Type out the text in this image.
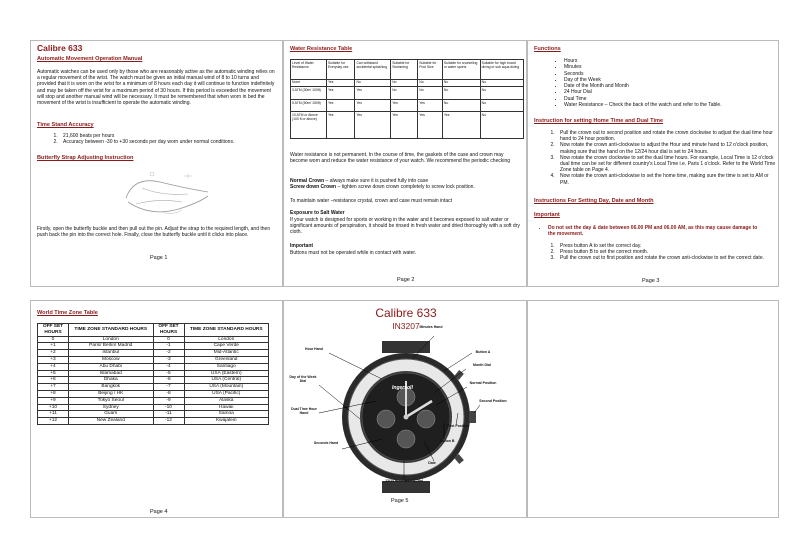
Calibre 633

Automatic Movement Operation Manual

Automatic watches can be used only by those who are reasonably active as the automatic winding relies on a regular movement of the wrist. The watch must be given an initial manual wind of 8 to 10 turns and provided that it is worn on the wrist for a minimum of 8 hours each day it will continue to function indefinitely and may be taken off the wrist for a maximum period of 30 hours. If this period is exceeded the movement will stop and another manual wind will be necessary. It must be remembered that when worn in bed the movement of the wrist is insufficient to operate the automatic winding.

Time Stand Accuracy

1. 21,600 beats per hours
2. Accuracy between -30 to +30 seconds per day worn under normal conditions.

Butterfly Strap Adjusting Instruction

Firstly, open the butterfly buckle and then pull out the pin. Adjust the strap to the required length, and then push back the pin into the correct hole. Finally, close the butterfly buckle until it clicks into place.

Page 1

Water Resistance Table

Level of Water Resistance	Suitable for Everyday use	Can withstand accidental splashing	Suitable for Swimming	Suitable for Pool Size	Suitable for snorkeling or water sports	Suitable for high board diving or sub aqua diving
None	Yes	No	No	No	No	No
3 ATM (30m/ 100ft)	Yes	Yes	No	No	No	No
5 ATM (50m/ 150ft)	Yes	Yes	Yes	Yes	No	No
10 ATM or Above (100 ft or above)	Yes	Yes	Yes	Yes	Yes	No

Water resistance is not permanent. In the course of time, the gaskets of the case and crown may become worn and reduce the water resistance of your watch. We recommend the periodic checking

Normal Crown – always make sure it is pushed fully into case
Screw down Crown – tighten screw down crown completely to screw lock position.

To maintain water –resistance crystal, crown and case must remain intact

Exposure to Salt Water

If your watch is designed for sports or working in the water and it becomes exposed to salt water or significant amounts of perspiration, it should be rinsed in fresh water and dried thoroughly with a soft dry cloth.

Important

Buttons must not be operated while in contact with water.

Page 2

Functions

• Hours
• Minutes
• Seconds
• Day of the Week
• Date of the Month and Month
• 24 Hour Dial
• Dual Time
• Water Resistance – Check the back of the watch and refer to the Table.

Instruction for setting Home Time and Dual Time

1. Pull the crown out to second position and rotate the crown clockwise to adjust the dual time hour hand to 24 hour position.
2. Now rotate the crown anti-clockwise to adjust the Hour and minute hand to 12 o'clock position, making sure that the hand on the 12/24 hour dial is set to 24 hours.
3. Now rotate the crown clockwise to set the dual time hours. For example, Local Time is 12 o'clock dual time can be set for different country's Local Time i.e. Paris 1 o'clock. Refer to the World Time Zone table on Page 4.
4. Now rotate the crown anti-clockwise to set the home time, making sure the time is set to AM or PM.

Instructions For Setting Day, Date and Month

Important

• Do not set the day & date between 06.00 PM and 06.00 AM, as this may cause damage to the movement.
1. Press button A to set the correct day.
2. Press button B to set the correct month.
3. Pull the crown out to first position and rotate the crown anti-clockwise to set the correct date.
Page 3

World Time Zone Table

OFF SET HOURS	TIME ZONE STANDARD HOURS	OFF SET HOURS	TIME ZONE STANDARD HOURS
0	London	0	London
+1	Paris/ Berlin/ Madrid	-1	Cape Verde
+2	Istanbul	-2	Mid-Atlantic
+3	Moscow	-3	Greenland
+4	Abu Dhabi	-4	Santiago
+5	Islamabad	-5	USA (Eastern)
+6	Dhaka	-6	USA (Central)
+7	Bangkok	-7	USA (Mountain)
+8	Beijing / HK	-8	USA (Pacific)
+9	Tokyo Seoul	-9	Alaska
+10	Sydney	-10	Hawaii
+11	Guam	-11	Samoa
+12	New Zealand	-12	Kwajalein
Page 4
Calibre 633
IN3207
Ingersoll
Minutes Hand
Hour Hand
Button A
Month Dial
Normal Position
Second Position
First Position
Button B
Date
Day of the Week Dial
Dual Time Hour Hand
Seconds Hand
12/24 Hour AM/PM Dial
Page 5
